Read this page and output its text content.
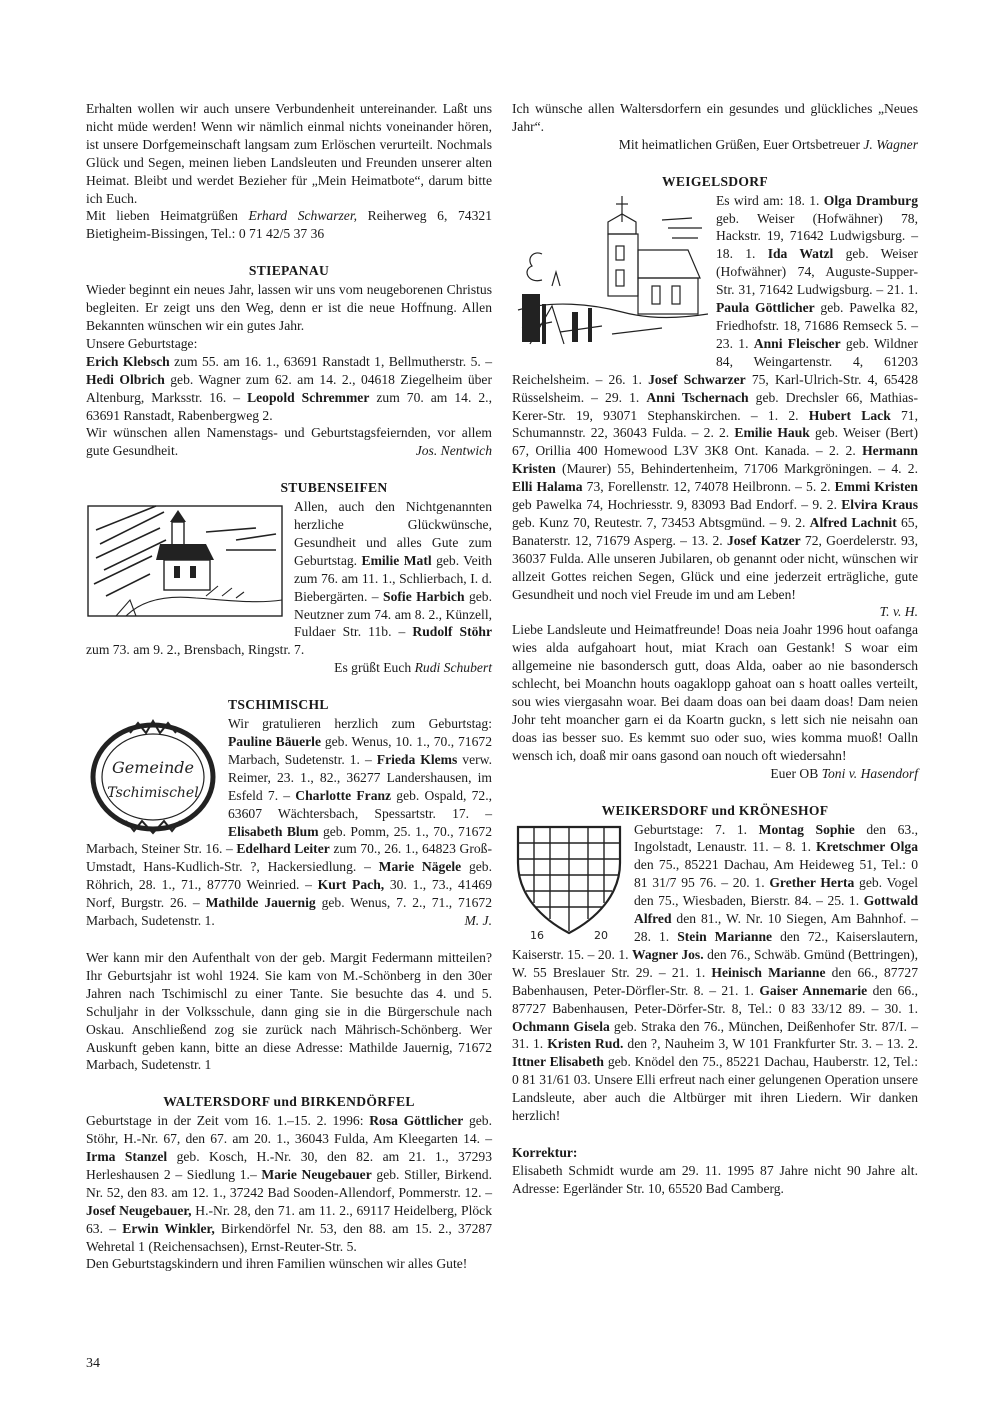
Erhalten wollen wir auch unsere Verbundenheit untereinander. Laßt uns nicht müde werden! Wenn wir nämlich einmal nichts voneinander hören, ist unsere Dorfgemeinschaft langsam zum Erlöschen verurteilt. Nochmals Glück und Segen, meinen lieben Landsleuten und Freunden unserer alten Heimat. Bleibt und werdet Bezieher für „Mein Heimatbote“, darum bitte ich Euch.

Mit lieben Heimatgrüßen Erhard Schwarzer, Reiherweg 6, 74321 Bietigheim-Bissingen, Tel.: 0 71 42/5 37 36

STIEPANAU

Wieder beginnt ein neues Jahr, lassen wir uns vom neugeborenen Christus begleiten. Er zeigt uns den Weg, denn er ist die neue Hoffnung. Allen Bekannten wünschen wir ein gutes Jahr.

Unsere Geburtstage:

Erich Klebsch zum 55. am 16. 1., 63691 Ranstadt 1, Bellmutherstr. 5. – Hedi Olbrich geb. Wagner zum 62. am 14. 2., 04618 Ziegelheim über Altenburg, Marksstr. 16. – Leopold Schremmer zum 70. am 14. 2., 63691 Ranstadt, Rabenbergweg 2.

Wir wünschen allen Namenstags- und Geburtstagsfeiernden, vor allem gute Gesundheit.	Jos. Nentwich

STUBENSEIFEN

Allen, auch den Nichtgenannten herzliche Glückwünsche, Gesundheit und alles Gute zum Geburtstag. Emilie Matl geb. Veith zum 76. am 11. 1., Schlierbach, I. d. Biebergärten. – Sofie Harbich geb. Neutzner zum 74. am 8. 2., Künzell, Fuldaer Str. 11b. – Rudolf Stöhr zum 73. am 9. 2., Brensbach, Ringstr. 7.

Es grüßt Euch Rudi Schubert

TSCHIMISCHL
Gemeinde
Tschimischel

Wir gratulieren herzlich zum Geburtstag: Pauline Bäuerle geb. Wenus, 10. 1., 70., 71672 Marbach, Sudetenstr. 1. – Frieda Klems verw. Reimer, 23. 1., 82., 36277 Landershausen, im Esfeld 7. – Charlotte Franz geb. Ospald, 72., 63607 Wächtersbach, Spessartstr. 17. – Elisabeth Blum geb. Pomm, 25. 1., 70., 71672 Marbach, Steiner Str. 16. – Edelhard Leiter zum 70., 26. 1., 64823 Groß-Umstadt, Hans-Kudlich-Str. ?, Hackersiedlung. – Marie Nägele geb. Röhrich, 28. 1., 71., 87770 Weinried. – Kurt Pach, 30. 1., 73., 41469 Norf, Burgstr. 26. – Mathilde Jauernig geb. Wenus, 7. 2., 71., 71672 Marbach, Sudetenstr. 1.	M. J.

Wer kann mir den Aufenthalt von der geb. Margit Federmann mitteilen? Ihr Geburtsjahr ist wohl 1924. Sie kam von M.-Schönberg in den 30er Jahren nach Tschimischl zu einer Tante. Sie besuchte das 4. und 5. Schuljahr in der Volksschule, dann ging sie in die Bürgerschule nach Oskau. Anschließend zog sie zurück nach Mährisch-Schönberg. Wer Auskunft geben kann, bitte an diese Adresse: Mathilde Jauernig, 71672 Marbach, Sudetenstr. 1

WALTERSDORF und BIRKENDÖRFEL

Geburtstage in der Zeit vom 16. 1.–15. 2. 1996: Rosa Göttlicher geb. Stöhr, H.-Nr. 67, den 67. am 20. 1., 36043 Fulda, Am Kleegarten 14. – Irma Stanzel geb. Kosch, H.-Nr. 30, den 82. am 21. 1., 37293 Herleshausen 2 – Siedlung 1.– Marie Neugebauer geb. Stiller, Birkend. Nr. 52, den 83. am 12. 1., 37242 Bad Sooden-Allendorf, Pommerstr. 12. – Josef Neugebauer, H.-Nr. 28, den 71. am 11. 2., 69117 Heidelberg, Plöck 63. – Erwin Winkler, Birkendörfel Nr. 53, den 88. am 15. 2., 37287 Wehretal 1 (Reichensachsen), Ernst-Reuter-Str. 5.

Den Geburtstagskindern und ihren Familien wünschen wir alles Gute!

Ich wünsche allen Waltersdorfern ein gesundes und glückliches „Neues Jahr“.

Mit heimatlichen Grüßen, Euer Ortsbetreuer J. Wagner

WEIGELSDORF

Es wird am: 18. 1. Olga Dramburg geb. Weiser (Hofwähner) 78, Hackstr. 19, 71642 Ludwigsburg. – 18. 1. Ida Watzl geb. Weiser (Hofwähner) 74, Auguste-Supper-Str. 31, 71642 Ludwigsburg. – 21. 1. Paula Göttlicher geb. Pawelka 82, Friedhofstr. 18, 71686 Remseck 5. – 23. 1. Anni Fleischer geb. Wildner 84, Weingartenstr. 4, 61203 Reichelsheim. – 26. 1. Josef Schwarzer 75, Karl-Ulrich-Str. 4, 65428 Rüsselsheim. – 29. 1. Anni Tschernach geb. Drechsler 66, Mathias-Kerer-Str. 19, 93071 Stephanskirchen. – 1. 2. Hubert Lack 71, Schumannstr. 22, 36043 Fulda. – 2. 2. Emilie Hauk geb. Weiser (Bert) 67, Orillia 400 Homewood L3V 3K8 Ont. Kanada. – 2. 2. Hermann Kristen (Maurer) 55, Behindertenheim, 71706 Markgröningen. – 4. 2. Elli Halama 73, Forellenstr. 12, 74078 Heilbronn. – 5. 2. Emmi Kristen geb Pawelka 74, Hochriesstr. 9, 83093 Bad Endorf. – 9. 2. Elvira Kraus geb. Kunz 70, Reutestr. 7, 73453 Abtsgmünd. – 9. 2. Alfred Lachnit 65, Banaterstr. 12, 71679 Asperg. – 13. 2. Josef Katzer 72, Goerdelerstr. 93, 36037 Fulda. Alle unseren Jubilaren, ob genannt oder nicht, wünschen wir allzeit Gottes reichen Segen, Glück und eine jederzeit erträgliche, gute Gesundheit und noch viel Freude im und am Leben!

T. v. H.

Liebe Landsleute und Heimatfreunde! Doas neia Joahr 1996 hout oafanga wies alda aufgahoart hout, miat Krach oan Gestank! S woar eim allgemeine nie basondersch gutt, doas Alda, oaber ao nie basondersch schlecht, bei Moanchn houts oagaklopp gahoat oan s hoatt oalles verteilt, sou wies viergasahn woar. Bei daam doas oan bei daam doas! Dam neien Johr teht moancher garn ei da Koartn guckn, s lett sich nie neisahn oan doas ias besser suo. Es kemmt suo oder suo, wies komma muoß! Oalln wensch ich, doaß mir oans gasond oan nouch oft wiedersahn!
Euer OB Toni v. Hasendorf

WEIKERSDORF und KRÖNESHOF
16	20

Geburtstage: 7. 1. Montag Sophie den 63., Ingolstadt, Lenaustr. 11. – 8. 1. Kretschmer Olga den 75., 85221 Dachau, Am Heideweg 51, Tel.: 0 81 31/7 95 76. – 20. 1. Grether Herta geb. Vogel den 75., Wiesbaden, Bierstr. 84. – 25. 1. Gottwald Alfred den 81., W. Nr. 10 Siegen, Am Bahnhof. – 28. 1. Stein Marianne den 72., Kaiserslautern, Kaiserstr. 15. – 20. 1. Wagner Jos. den 76., Schwäb. Gmünd (Bettringen), W. 55 Breslauer Str. 29. – 21. 1. Heinisch Marianne den 66., 87727 Babenhausen, Peter-Dörfler-Str. 8. – 21. 1. Gaiser Annemarie den 66., 87727 Babenhausen, Peter-Dörfer-Str. 8, Tel.: 0 83 33/12 89. – 30. 1. Ochmann Gisela geb. Straka den 76., München, Deißenhofer Str. 87/I. – 31. 1. Kristen Rud. den ?, Nauheim 3, W 101 Frankfurter Str. 3. – 13. 2. Ittner Elisabeth geb. Knödel den 75., 85221 Dachau, Hauberstr. 12, Tel.: 0 81 31/61 03. Unsere Elli erfreut nach einer gelungenen Operation unsere Landsleute, aber auch die Altbürger mit ihren Liedern. Wir danken herzlich!

Korrektur:

Elisabeth Schmidt wurde am 29. 11. 1995 87 Jahre nicht 90 Jahre alt. Adresse: Egerländer Str. 10, 65520 Bad Camberg.

34
